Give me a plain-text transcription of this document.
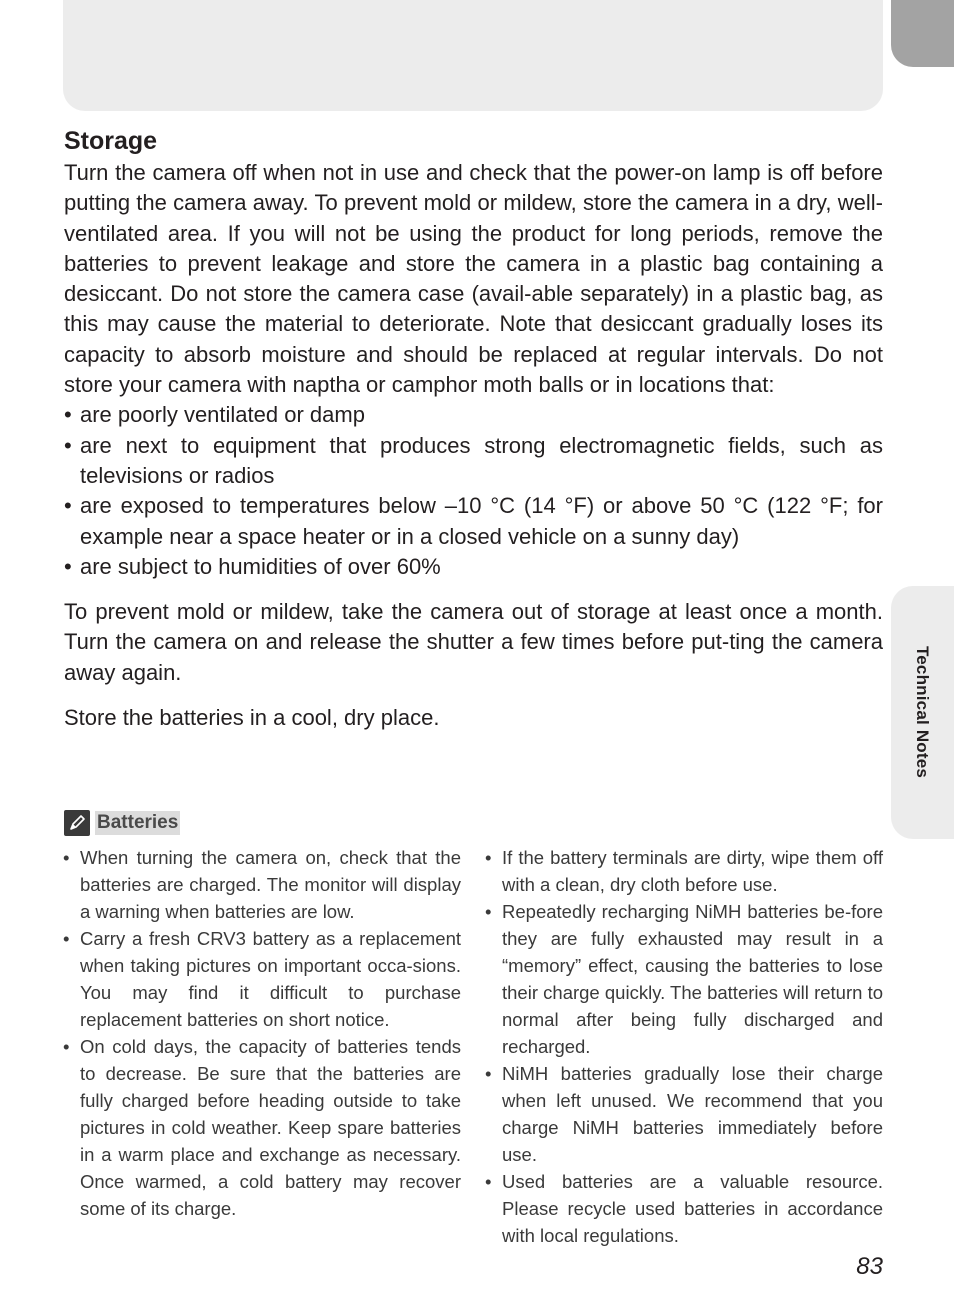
Technical Notes
Storage

Turn the camera off when not in use and check that the power-on lamp is off before putting the camera away. To prevent mold or mildew, store the camera in a dry, well-ventilated area. If you will not be using the product for long periods, remove the batteries to prevent leakage and store the camera in a plastic bag containing a desiccant. Do not store the camera case (avail-able separately) in a plastic bag, as this may cause the material to deteriorate. Note that desiccant gradually loses its capacity to absorb moisture and should be replaced at regular intervals. Do not store your camera with naptha or camphor moth balls or in locations that:

• are poorly ventilated or damp
• are next to equipment that produces strong electromagnetic fields, such as televisions or radios
• are exposed to temperatures below –10 °C (14 °F) or above 50 °C (122 °F; for example near a space heater or in a closed vehicle on a sunny day)
• are subject to humidities of over 60%

To prevent mold or mildew, take the camera out of storage at least once a month. Turn the camera on and release the shutter a few times before put-ting the camera away again.

Store the batteries in a cool, dry place.

Batteries
• When turning the camera on, check that the batteries are charged. The monitor will display a warning when batteries are low.
• Carry a fresh CRV3 battery as a replacement when taking pictures on important occa-sions. You may find it difficult to purchase replacement batteries on short notice.
• On cold days, the capacity of batteries tends to decrease. Be sure that the batteries are fully charged before heading outside to take pictures in cold weather. Keep spare batteries in a warm place and exchange as necessary. Once warmed, a cold battery may recover some of its charge.
• If the battery terminals are dirty, wipe them off with a clean, dry cloth before use.
• Repeatedly recharging NiMH batteries be-fore they are fully exhausted may result in a “memory” effect, causing the batteries to lose their charge quickly. The batteries will return to normal after being fully discharged and recharged.
• NiMH batteries gradually lose their charge when left unused. We recommend that you charge NiMH batteries immediately before use.
• Used batteries are a valuable resource. Please recycle used batteries in accordance with local regulations.
83
